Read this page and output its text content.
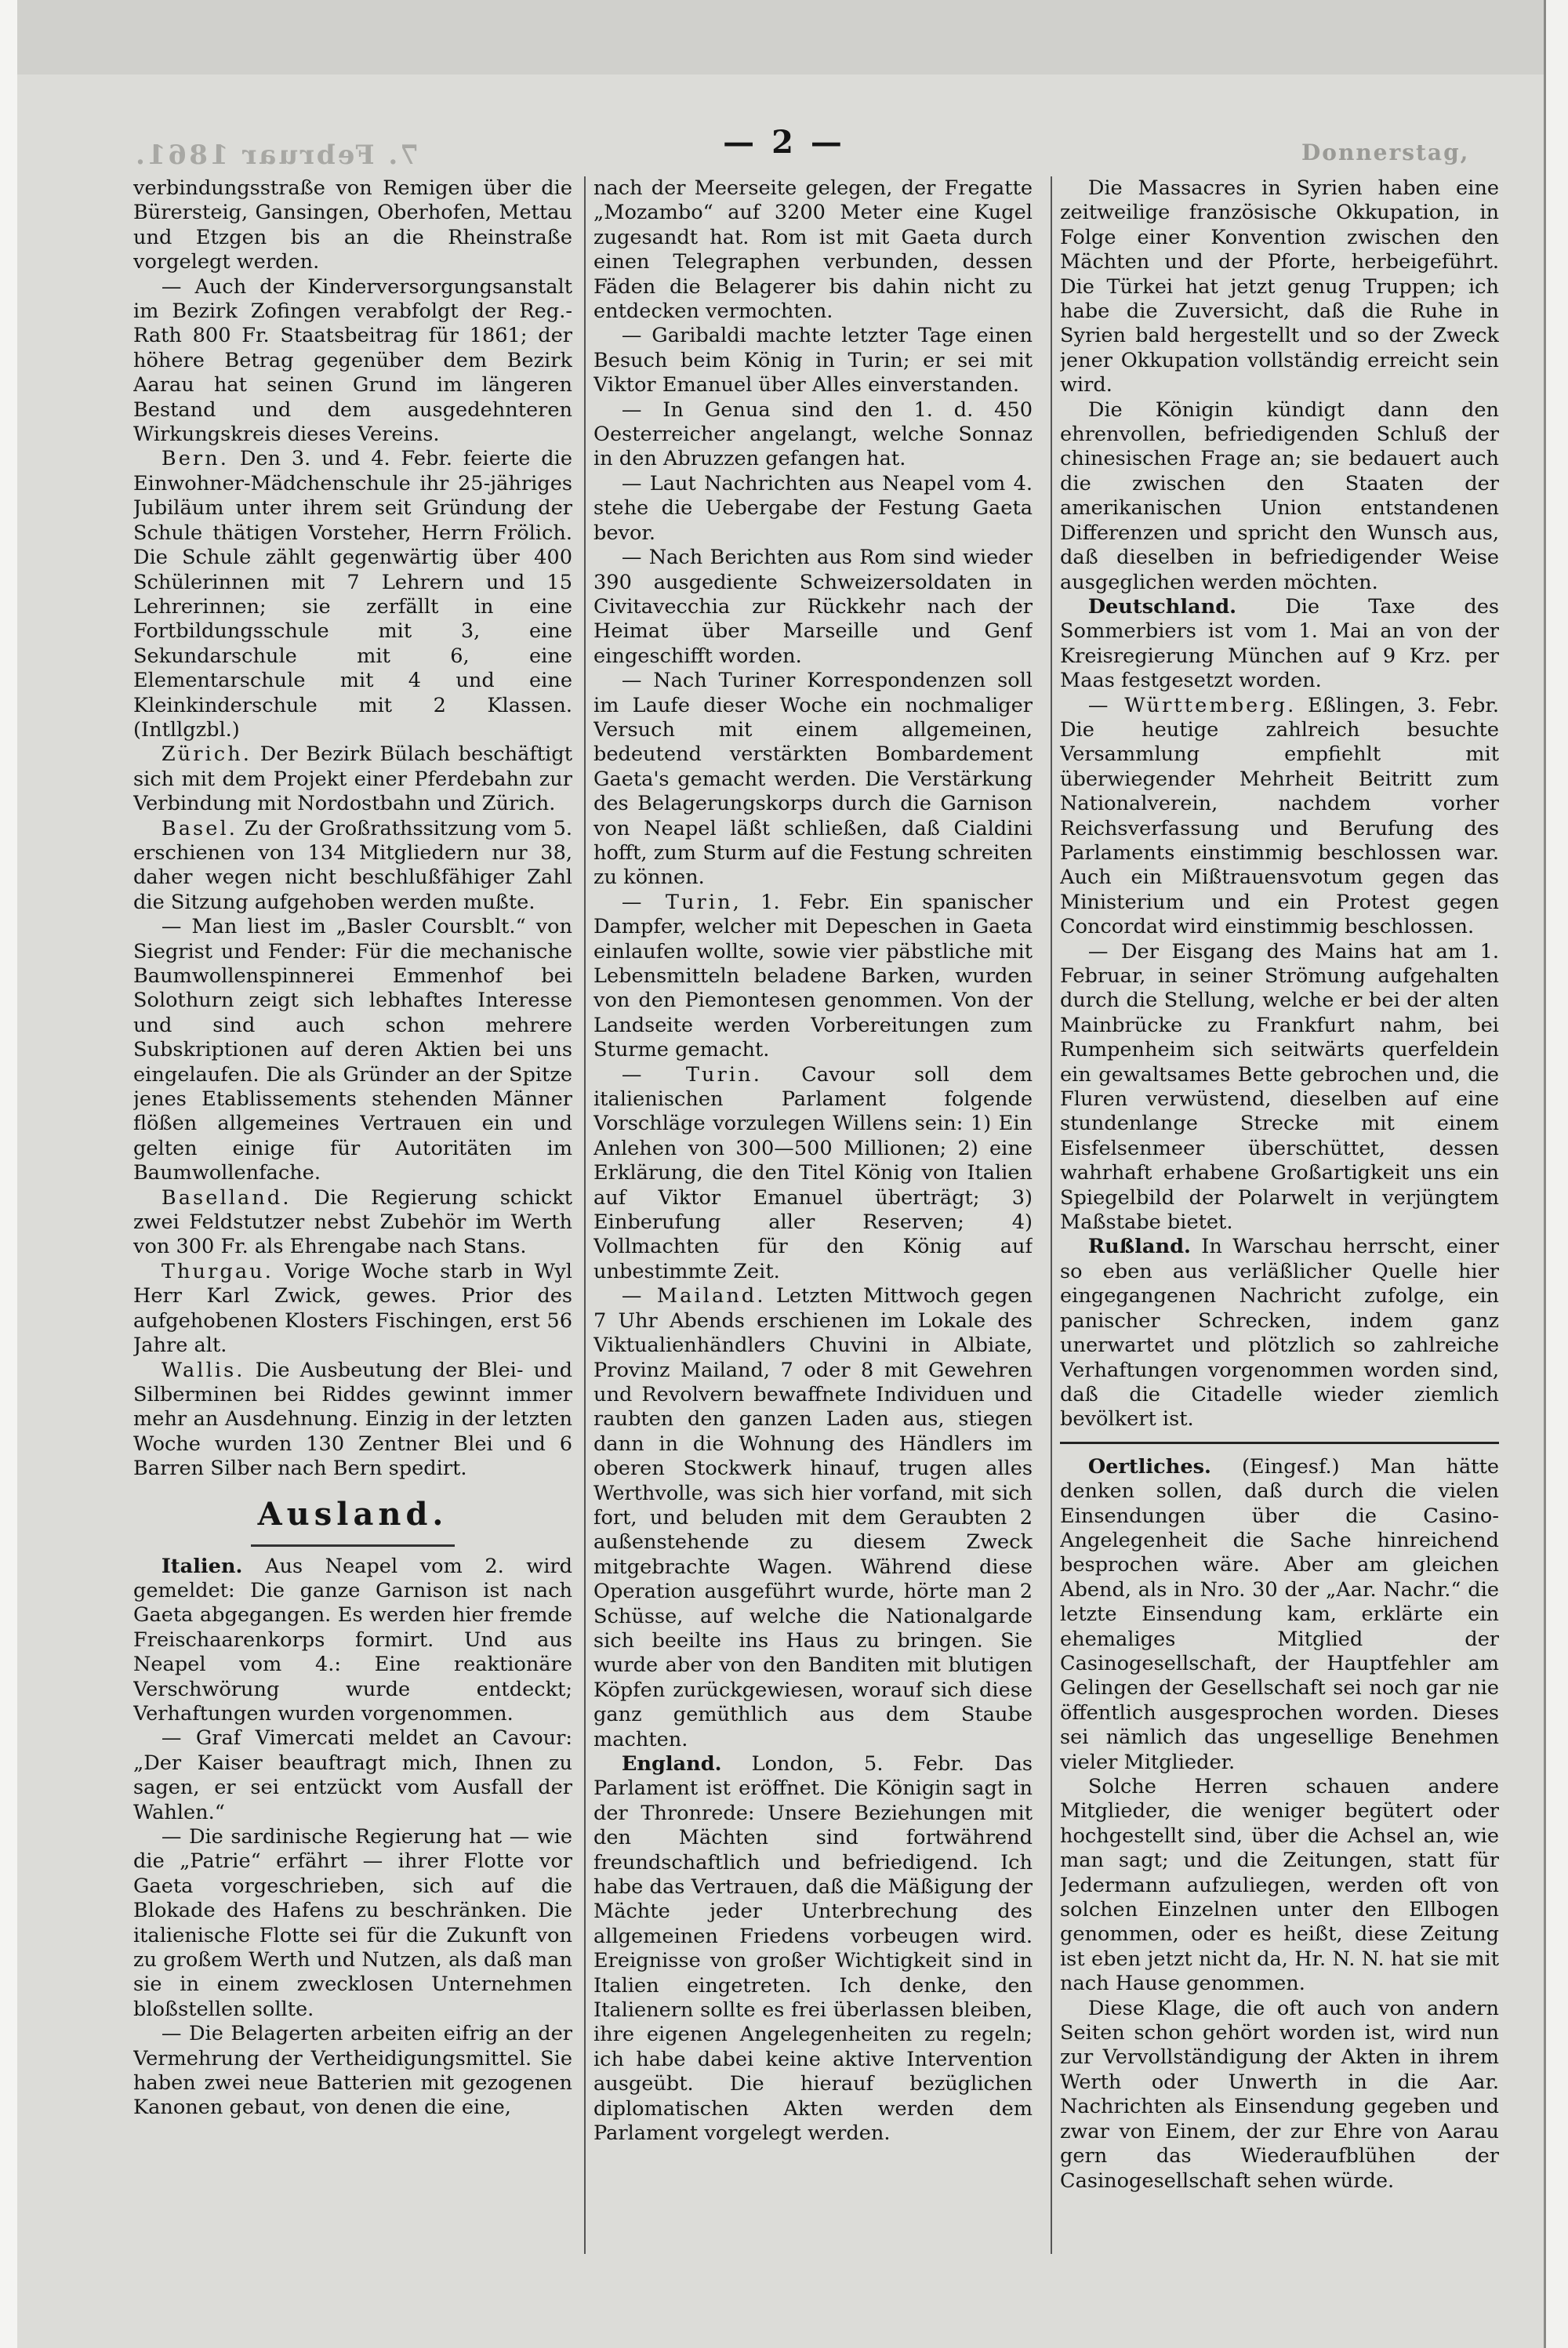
7. Februar 1861.	Donnerstag,
— 2 —

verbindungsstraße von Remigen über die Bürersteig, Gansingen, Oberhofen, Mettau und Etzgen bis an die Rheinstraße vorgelegt werden.

— Auch der Kinderversorgungsanstalt im Bezirk Zofingen verabfolgt der Reg.-Rath 800 Fr. Staatsbeitrag für 1861; der höhere Betrag gegenüber dem Bezirk Aarau hat seinen Grund im längeren Bestand und dem ausgedehnteren Wirkungskreis dieses Vereins.

Bern. Den 3. und 4. Febr. feierte die Einwohner-Mädchenschule ihr 25-jähriges Jubiläum unter ihrem seit Gründung der Schule thätigen Vorsteher, Herrn Frölich. Die Schule zählt gegenwärtig über 400 Schülerinnen mit 7 Lehrern und 15 Lehrerinnen; sie zerfällt in eine Fortbildungsschule mit 3, eine Sekundarschule mit 6, eine Elementarschule mit 4 und eine Kleinkinderschule mit 2 Klassen. (Intllgzbl.)

Zürich. Der Bezirk Bülach beschäftigt sich mit dem Projekt einer Pferdebahn zur Verbindung mit Nordostbahn und Zürich.

Basel. Zu der Großrathssitzung vom 5. erschienen von 134 Mitgliedern nur 38, daher wegen nicht beschlußfähiger Zahl die Sitzung aufgehoben werden mußte.

— Man liest im „Basler Coursblt.“ von Siegrist und Fender: Für die mechanische Baumwollenspinnerei Emmenhof bei Solothurn zeigt sich lebhaftes Interesse und sind auch schon mehrere Subskriptionen auf deren Aktien bei uns eingelaufen. Die als Gründer an der Spitze jenes Etablissements stehenden Männer flößen allgemeines Vertrauen ein und gelten einige für Autoritäten im Baumwollenfache.

Baselland. Die Regierung schickt zwei Feldstutzer nebst Zubehör im Werth von 300 Fr. als Ehrengabe nach Stans.

Thurgau. Vorige Woche starb in Wyl Herr Karl Zwick, gewes. Prior des aufgehobenen Klosters Fischingen, erst 56 Jahre alt.

Wallis. Die Ausbeutung der Blei- und Silberminen bei Riddes gewinnt immer mehr an Ausdehnung. Einzig in der letzten Woche wurden 130 Zentner Blei und 6 Barren Silber nach Bern spedirt.

Ausland.

Italien. Aus Neapel vom 2. wird gemeldet: Die ganze Garnison ist nach Gaeta abgegangen. Es werden hier fremde Freischaarenkorps formirt. Und aus Neapel vom 4.: Eine reaktionäre Verschwörung wurde entdeckt; Verhaftungen wurden vorgenommen.

— Graf Vimercati meldet an Cavour: „Der Kaiser beauftragt mich, Ihnen zu sagen, er sei entzückt vom Ausfall der Wahlen.“

— Die sardinische Regierung hat — wie die „Patrie“ erfährt — ihrer Flotte vor Gaeta vorgeschrieben, sich auf die Blokade des Hafens zu beschränken. Die italienische Flotte sei für die Zukunft von zu großem Werth und Nutzen, als daß man sie in einem zwecklosen Unternehmen bloßstellen sollte.

— Die Belagerten arbeiten eifrig an der Vermehrung der Vertheidigungsmittel. Sie haben zwei neue Batterien mit gezogenen Kanonen gebaut, von denen die eine,

nach der Meerseite gelegen, der Fregatte „Mozambo“ auf 3200 Meter eine Kugel zugesandt hat. Rom ist mit Gaeta durch einen Telegraphen verbunden, dessen Fäden die Belagerer bis dahin nicht zu entdecken vermochten.

— Garibaldi machte letzter Tage einen Besuch beim König in Turin; er sei mit Viktor Emanuel über Alles einverstanden.

— In Genua sind den 1. d. 450 Oesterreicher angelangt, welche Sonnaz in den Abruzzen gefangen hat.

— Laut Nachrichten aus Neapel vom 4. stehe die Uebergabe der Festung Gaeta bevor.

— Nach Berichten aus Rom sind wieder 390 ausgediente Schweizersoldaten in Civitavecchia zur Rückkehr nach der Heimat über Marseille und Genf eingeschifft worden.

— Nach Turiner Korrespondenzen soll im Laufe dieser Woche ein nochmaliger Versuch mit einem allgemeinen, bedeutend verstärkten Bombardement Gaeta's gemacht werden. Die Verstärkung des Belagerungskorps durch die Garnison von Neapel läßt schließen, daß Cialdini hofft, zum Sturm auf die Festung schreiten zu können.

— Turin, 1. Febr. Ein spanischer Dampfer, welcher mit Depeschen in Gaeta einlaufen wollte, sowie vier päbstliche mit Lebensmitteln beladene Barken, wurden von den Piemontesen genommen. Von der Landseite werden Vorbereitungen zum Sturme gemacht.

— Turin. Cavour soll dem italienischen Parlament folgende Vorschläge vorzulegen Willens sein: 1) Ein Anlehen von 300—500 Millionen; 2) eine Erklärung, die den Titel König von Italien auf Viktor Emanuel überträgt; 3) Einberufung aller Reserven; 4) Vollmachten für den König auf unbestimmte Zeit.

— Mailand. Letzten Mittwoch gegen 7 Uhr Abends erschienen im Lokale des Viktualienhändlers Chuvini in Albiate, Provinz Mailand, 7 oder 8 mit Gewehren und Revolvern bewaffnete Individuen und raubten den ganzen Laden aus, stiegen dann in die Wohnung des Händlers im oberen Stockwerk hinauf, trugen alles Werthvolle, was sich hier vorfand, mit sich fort, und beluden mit dem Geraubten 2 außenstehende zu diesem Zweck mitgebrachte Wagen. Während diese Operation ausgeführt wurde, hörte man 2 Schüsse, auf welche die Nationalgarde sich beeilte ins Haus zu bringen. Sie wurde aber von den Banditen mit blutigen Köpfen zurückgewiesen, worauf sich diese ganz gemüthlich aus dem Staube machten.

England. London, 5. Febr. Das Parlament ist eröffnet. Die Königin sagt in der Thronrede: Unsere Beziehungen mit den Mächten sind fortwährend freundschaftlich und befriedigend. Ich habe das Vertrauen, daß die Mäßigung der Mächte jeder Unterbrechung des allgemeinen Friedens vorbeugen wird. Ereignisse von großer Wichtigkeit sind in Italien eingetreten. Ich denke, den Italienern sollte es frei überlassen bleiben, ihre eigenen Angelegenheiten zu regeln; ich habe dabei keine aktive Intervention ausgeübt. Die hierauf bezüglichen diplomatischen Akten werden dem Parlament vorgelegt werden.

Die Massacres in Syrien haben eine zeitweilige französische Okkupation, in Folge einer Konvention zwischen den Mächten und der Pforte, herbeigeführt. Die Türkei hat jetzt genug Truppen; ich habe die Zuversicht, daß die Ruhe in Syrien bald hergestellt und so der Zweck jener Okkupation vollständig erreicht sein wird.

Die Königin kündigt dann den ehrenvollen, befriedigenden Schluß der chinesischen Frage an; sie bedauert auch die zwischen den Staaten der amerikanischen Union entstandenen Differenzen und spricht den Wunsch aus, daß dieselben in befriedigender Weise ausgeglichen werden möchten.

Deutschland. Die Taxe des Sommerbiers ist vom 1. Mai an von der Kreisregierung München auf 9 Krz. per Maas festgesetzt worden.

— Württemberg. Eßlingen, 3. Febr. Die heutige zahlreich besuchte Versammlung empfiehlt mit überwiegender Mehrheit Beitritt zum Nationalverein, nachdem vorher Reichsverfassung und Berufung des Parlaments einstimmig beschlossen war. Auch ein Mißtrauensvotum gegen das Ministerium und ein Protest gegen Concordat wird einstimmig beschlossen.

— Der Eisgang des Mains hat am 1. Februar, in seiner Strömung aufgehalten durch die Stellung, welche er bei der alten Mainbrücke zu Frankfurt nahm, bei Rumpenheim sich seitwärts querfeldein ein gewaltsames Bette gebrochen und, die Fluren verwüstend, dieselben auf eine stundenlange Strecke mit einem Eisfelsenmeer überschüttet, dessen wahrhaft erhabene Großartigkeit uns ein Spiegelbild der Polarwelt in verjüngtem Maßstabe bietet.

Rußland. In Warschau herrscht, einer so eben aus verläßlicher Quelle hier eingegangenen Nachricht zufolge, ein panischer Schrecken, indem ganz unerwartet und plötzlich so zahlreiche Verhaftungen vorgenommen worden sind, daß die Citadelle wieder ziemlich bevölkert ist.

Oertliches. (Eingesf.) Man hätte denken sollen, daß durch die vielen Einsendungen über die Casino-Angelegenheit die Sache hinreichend besprochen wäre. Aber am gleichen Abend, als in Nro. 30 der „Aar. Nachr.“ die letzte Einsendung kam, erklärte ein ehemaliges Mitglied der Casinogesellschaft, der Hauptfehler am Gelingen der Gesellschaft sei noch gar nie öffentlich ausgesprochen worden. Dieses sei nämlich das ungesellige Benehmen vieler Mitglieder.

Solche Herren schauen andere Mitglieder, die weniger begütert oder hochgestellt sind, über die Achsel an, wie man sagt; und die Zeitungen, statt für Jedermann aufzuliegen, werden oft von solchen Einzelnen unter den Ellbogen genommen, oder es heißt, diese Zeitung ist eben jetzt nicht da, Hr. N. N. hat sie mit nach Hause genommen.

Diese Klage, die oft auch von andern Seiten schon gehört worden ist, wird nun zur Vervollständigung der Akten in ihrem Werth oder Unwerth in die Aar. Nachrichten als Einsendung gegeben und zwar von Einem, der zur Ehre von Aarau gern das Wiederaufblühen der Casinogesellschaft sehen würde.
